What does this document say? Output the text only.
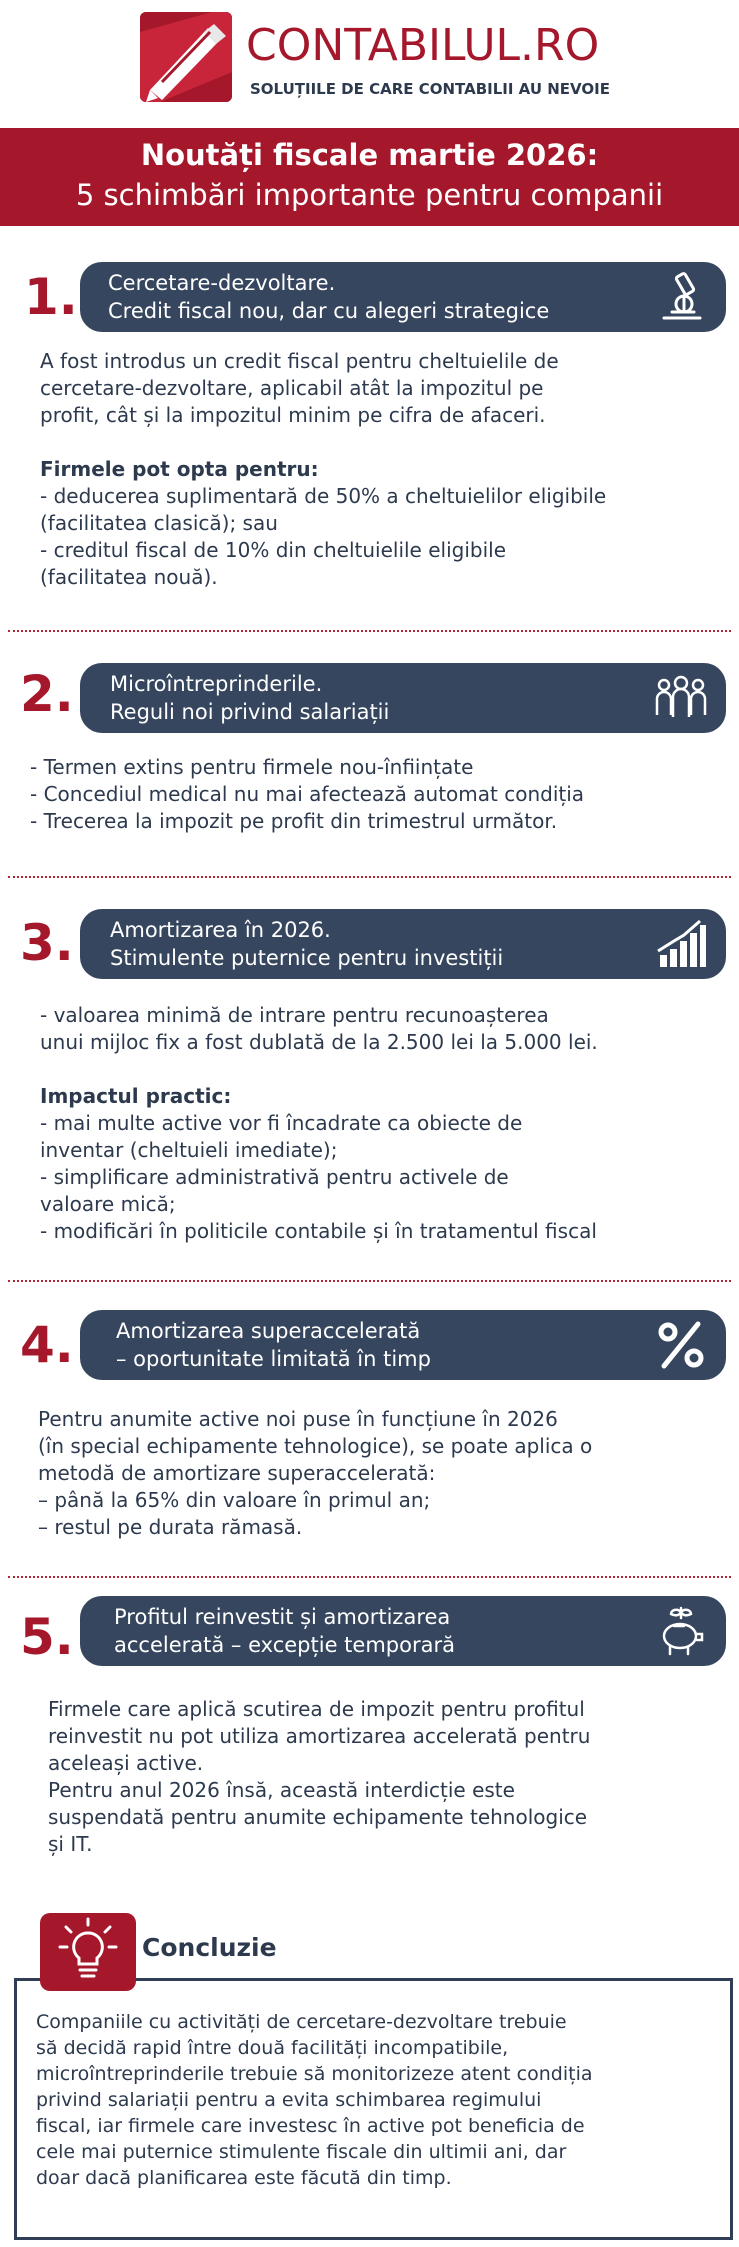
CONTABILUL.RO
SOLUȚIILE DE CARE CONTABILII AU NEVOIE
Noutăți fiscale martie 2026:
5 schimbări importante pentru companii
1. Cercetare-dezvoltare.
Credit fiscal nou, dar cu alegeri strategice
A fost introdus un credit fiscal pentru cheltuielile de
cercetare-dezvoltare, aplicabil atât la impozitul pe
profit, cât și la impozitul minim pe cifra de afaceri.

Firmele pot opta pentru:
- deducerea suplimentară de 50% a cheltuielilor eligibile
(facilitatea clasică); sau
- creditul fiscal de 10% din cheltuielile eligibile
(facilitatea nouă).
2. Microîntreprinderile.
Reguli noi privind salariații
- Termen extins pentru firmele nou-înființate
- Concediul medical nu mai afectează automat condiția
- Trecerea la impozit pe profit din trimestrul următor.
3. Amortizarea în 2026.
Stimulente puternice pentru investiții
- valoarea minimă de intrare pentru recunoașterea
unui mijloc fix a fost dublată de la 2.500 lei la 5.000 lei.

Impactul practic:
- mai multe active vor fi încadrate ca obiecte de
inventar (cheltuieli imediate);
- simplificare administrativă pentru activele de
valoare mică;
- modificări în politicile contabile și în tratamentul fiscal
4. Amortizarea superaccelerată
– oportunitate limitată în timp
Pentru anumite active noi puse în funcțiune în 2026
(în special echipamente tehnologice), se poate aplica o
metodă de amortizare superaccelerată:
– până la 65% din valoare în primul an;
– restul pe durata rămasă.
5. Profitul reinvestit și amortizarea
accelerată – excepție temporară
Firmele care aplică scutirea de impozit pentru profitul
reinvestit nu pot utiliza amortizarea accelerată pentru
aceleași active.
Pentru anul 2026 însă, această interdicție este
suspendată pentru anumite echipamente tehnologice
și IT.
Concluzie
Companiile cu activități de cercetare-dezvoltare trebuie
să decidă rapid între două facilități incompatibile,
microîntreprinderile trebuie să monitorizeze atent condiția
privind salariații pentru a evita schimbarea regimului
fiscal, iar firmele care investesc în active pot beneficia de
cele mai puternice stimulente fiscale din ultimii ani, dar
doar dacă planificarea este făcută din timp.
